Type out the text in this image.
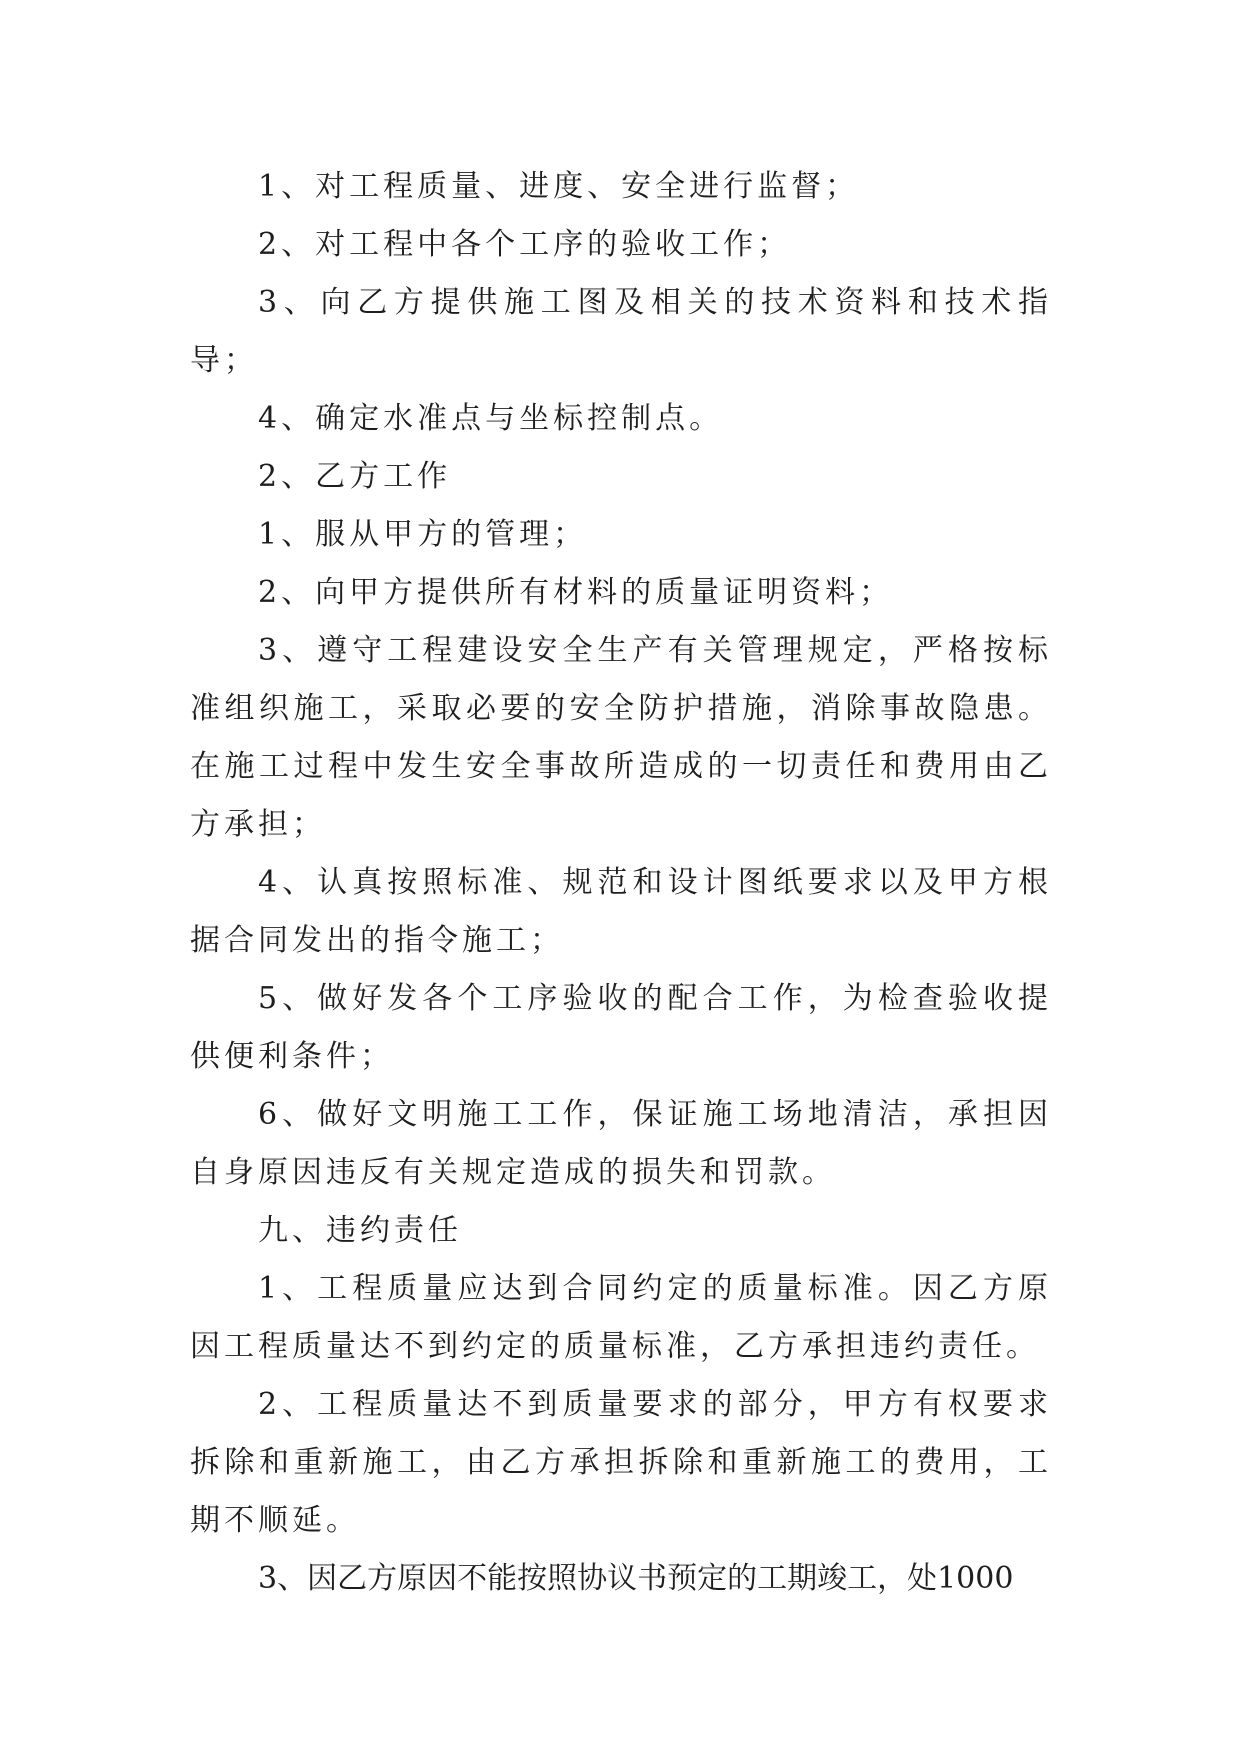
1、对工程质量、进度、安全进行监督；

2、对工程中各个工序的验收工作；

3、向乙方提供施工图及相关的技术资料和技术指导；

4、确定水准点与坐标控制点。

2、乙方工作

1、服从甲方的管理；

2、向甲方提供所有材料的质量证明资料；

3、遵守工程建设安全生产有关管理规定，严格按标准组织施工，采取必要的安全防护措施，消除事故隐患。在施工过程中发生安全事故所造成的一切责任和费用由乙方承担；

4、认真按照标准、规范和设计图纸要求以及甲方根据合同发出的指令施工；

5、做好发各个工序验收的配合工作，为检查验收提供便利条件；

6、做好文明施工工作，保证施工场地清洁，承担因自身原因违反有关规定造成的损失和罚款。

九、违约责任

1、工程质量应达到合同约定的质量标准。因乙方原因工程质量达不到约定的质量标准，乙方承担违约责任。

2、工程质量达不到质量要求的部分，甲方有权要求拆除和重新施工，由乙方承担拆除和重新施工的费用，工期不顺延。

3、因乙方原因不能按照协议书预定的工期竣工，处1000
